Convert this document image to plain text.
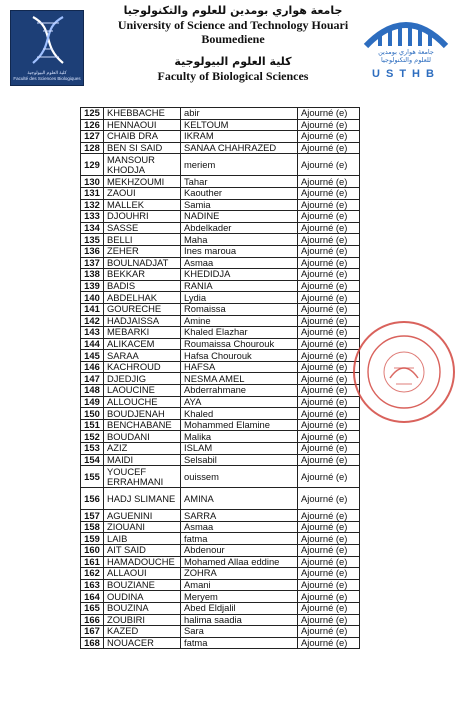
كلية العلوم البيولوجية
Faculté des Sciences Biologiques
جامعة هواري بومدين للعلوم والتكنولوجيا
University of Science and Technology Houari
Boumediene
كلية العلوم البيولوجية
Faculty of Biological Sciences
جامعة هواري بومدين
للعلوم والتكنولوجيا
USTHB
125	KHEBBACHE	abir	Ajourné (e)
126	HENNAOUI	KELTOUM	Ajourné (e)
127	CHAIB DRA	IKRAM	Ajourné (e)
128	BEN SI SAID	SANAA CHAHRAZED	Ajourné (e)
129	MANSOUR KHODJA	meriem	Ajourné (e)
130	MEKHZOUMI	Tahar	Ajourné (e)
131	ZAOUI	Kaouther	Ajourné (e)
132	MALLEK	Samia	Ajourné (e)
133	DJOUHRI	NADINE	Ajourné (e)
134	SASSE	Abdelkader	Ajourné (e)
135	BELLI	Maha	Ajourné (e)
136	ZEHER	Ines maroua	Ajourné (e)
137	BOULNADJAT	Asmaa	Ajourné (e)
138	BEKKAR	KHEDIDJA	Ajourné (e)
139	BADIS	RANIA	Ajourné (e)
140	ABDELHAK	Lydia	Ajourné (e)
141	GOURECHE	Romaissa	Ajourné (e)
142	HADJAISSA	Amine	Ajourné (e)
143	MEBARKI	Khaled Elazhar	Ajourné (e)
144	ALIKACEM	Roumaissa Chourouk	Ajourné (e)
145	SARAA	Hafsa Chourouk	Ajourné (e)
146	KACHROUD	HAFSA	Ajourné (e)
147	DJEDJIG	NESMA AMEL	Ajourné (e)
148	LAOUCINE	Abderrahmane	Ajourné (e)
149	ALLOUCHE	AYA	Ajourné (e)
150	BOUDJENAH	Khaled	Ajourné (e)
151	BENCHABANE	Mohammed Elamine	Ajourné (e)
152	BOUDANI	Malika	Ajourné (e)
153	AZIZ	ISLAM	Ajourné (e)
154	MAIDI	Selsabil	Ajourné (e)
155	YOUCEF ERRAHMANI	ouissem	Ajourné (e)
156	HADJ SLIMANE	AMINA	Ajourné (e)
157	AGUENINI	SARRA	Ajourné (e)
158	ZIOUANI	Asmaa	Ajourné (e)
159	LAIB	fatma	Ajourné (e)
160	AIT SAID	Abdenour	Ajourné (e)
161	HAMADOUCHE	Mohamed Allaa eddine	Ajourné (e)
162	ALLAOUI	ZOHRA	Ajourné (e)
163	BOUZIANE	Amani	Ajourné (e)
164	OUDINA	Meryem	Ajourné (e)
165	BOUZINA	Abed Eldjalil	Ajourné (e)
166	ZOUBIRI	halima saadia	Ajourné (e)
167	KAZED	Sara	Ajourné (e)
168	NOUACER	fatma	Ajourné (e)
